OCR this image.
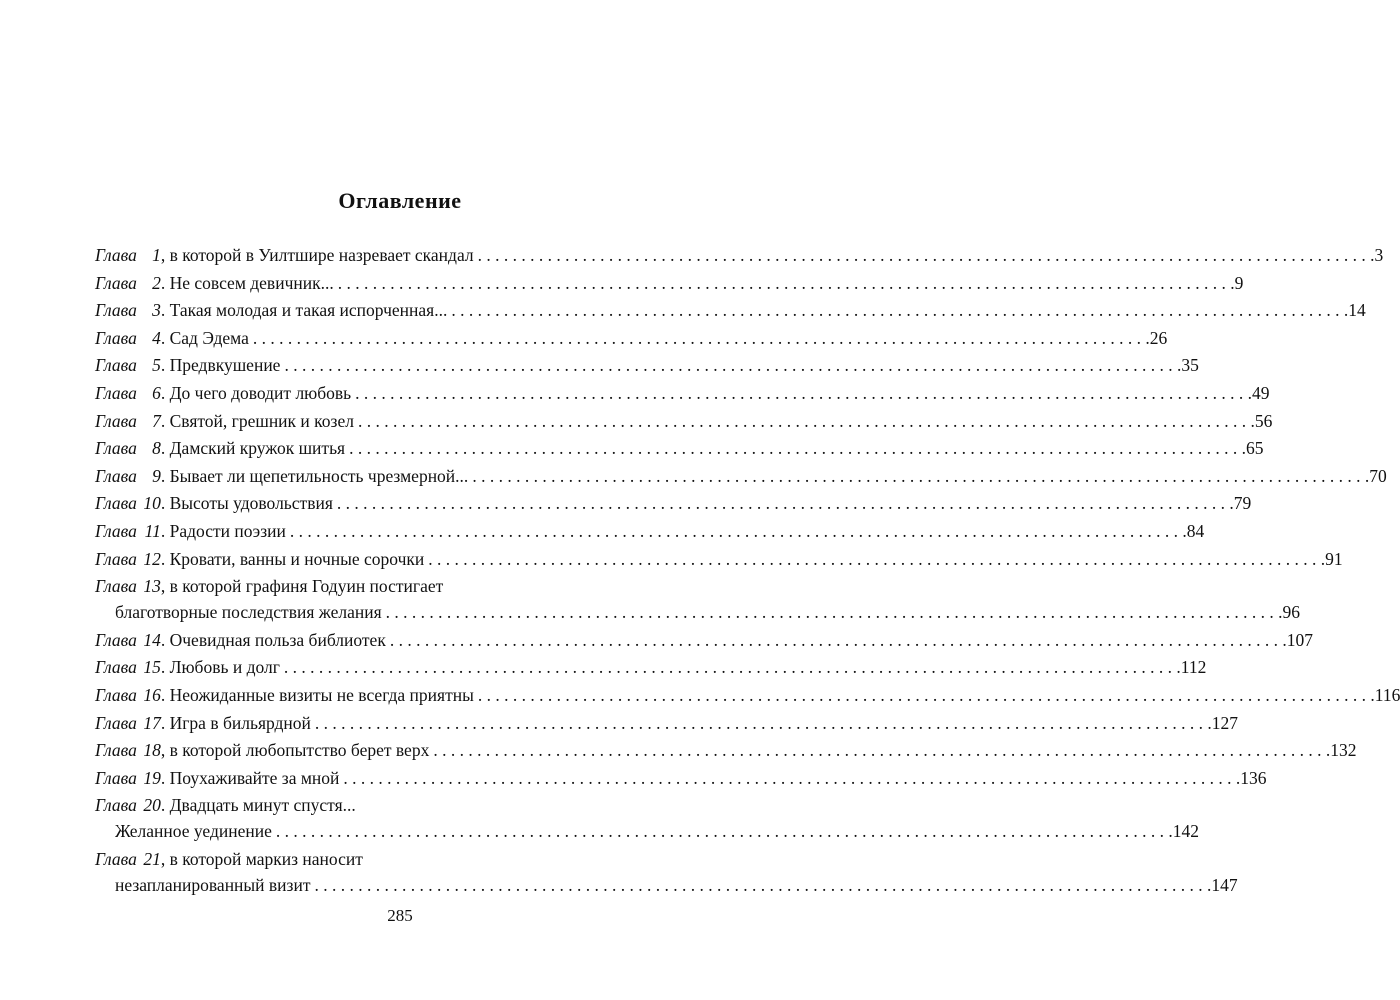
Оглавление
Глава 1 , в которой в Уилтшире назревает скандал . . .	3
Глава 2 . Не совсем девичник... . . .	9
Глава 3 . Такая молодая и такая испорченная... . . .	14
Глава 4 . Сад Эдема . . .	26
Глава 5 . Предвкушение . . .	35
Глава 6 . До чего доводит любовь . . .	49
Глава 7 . Святой, грешник и козел . . .	56
Глава 8 . Дамский кружок шитья . . .	65
Глава 9 . Бывает ли щепетильность чрезмерной... . . .	70
Глава 10 . Высоты удовольствия . . .	79
Глава 11 . Радости поэзии . . .	84
Глава 12 . Кровати, ванны и ночные сорочки . . .	91
Глава 13 , в которой графиня Годуин постигает
благотворные последствия желания . . .	96
Глава 14 . Очевидная польза библиотек . . .	107
Глава 15 . Любовь и долг . . .	112
Глава 16 . Неожиданные визиты не всегда приятны . . .	116
Глава 17 . Игра в бильярдной . . .	127
Глава 18 , в которой любопытство берет верх . . .	132
Глава 19 . Поухаживайте за мной . . .	136
Глава 20 . Двадцать минут спустя...
Желанное уединение . . .	142
Глава 21 , в которой маркиз наносит
незапланированный визит . . .	147
285
